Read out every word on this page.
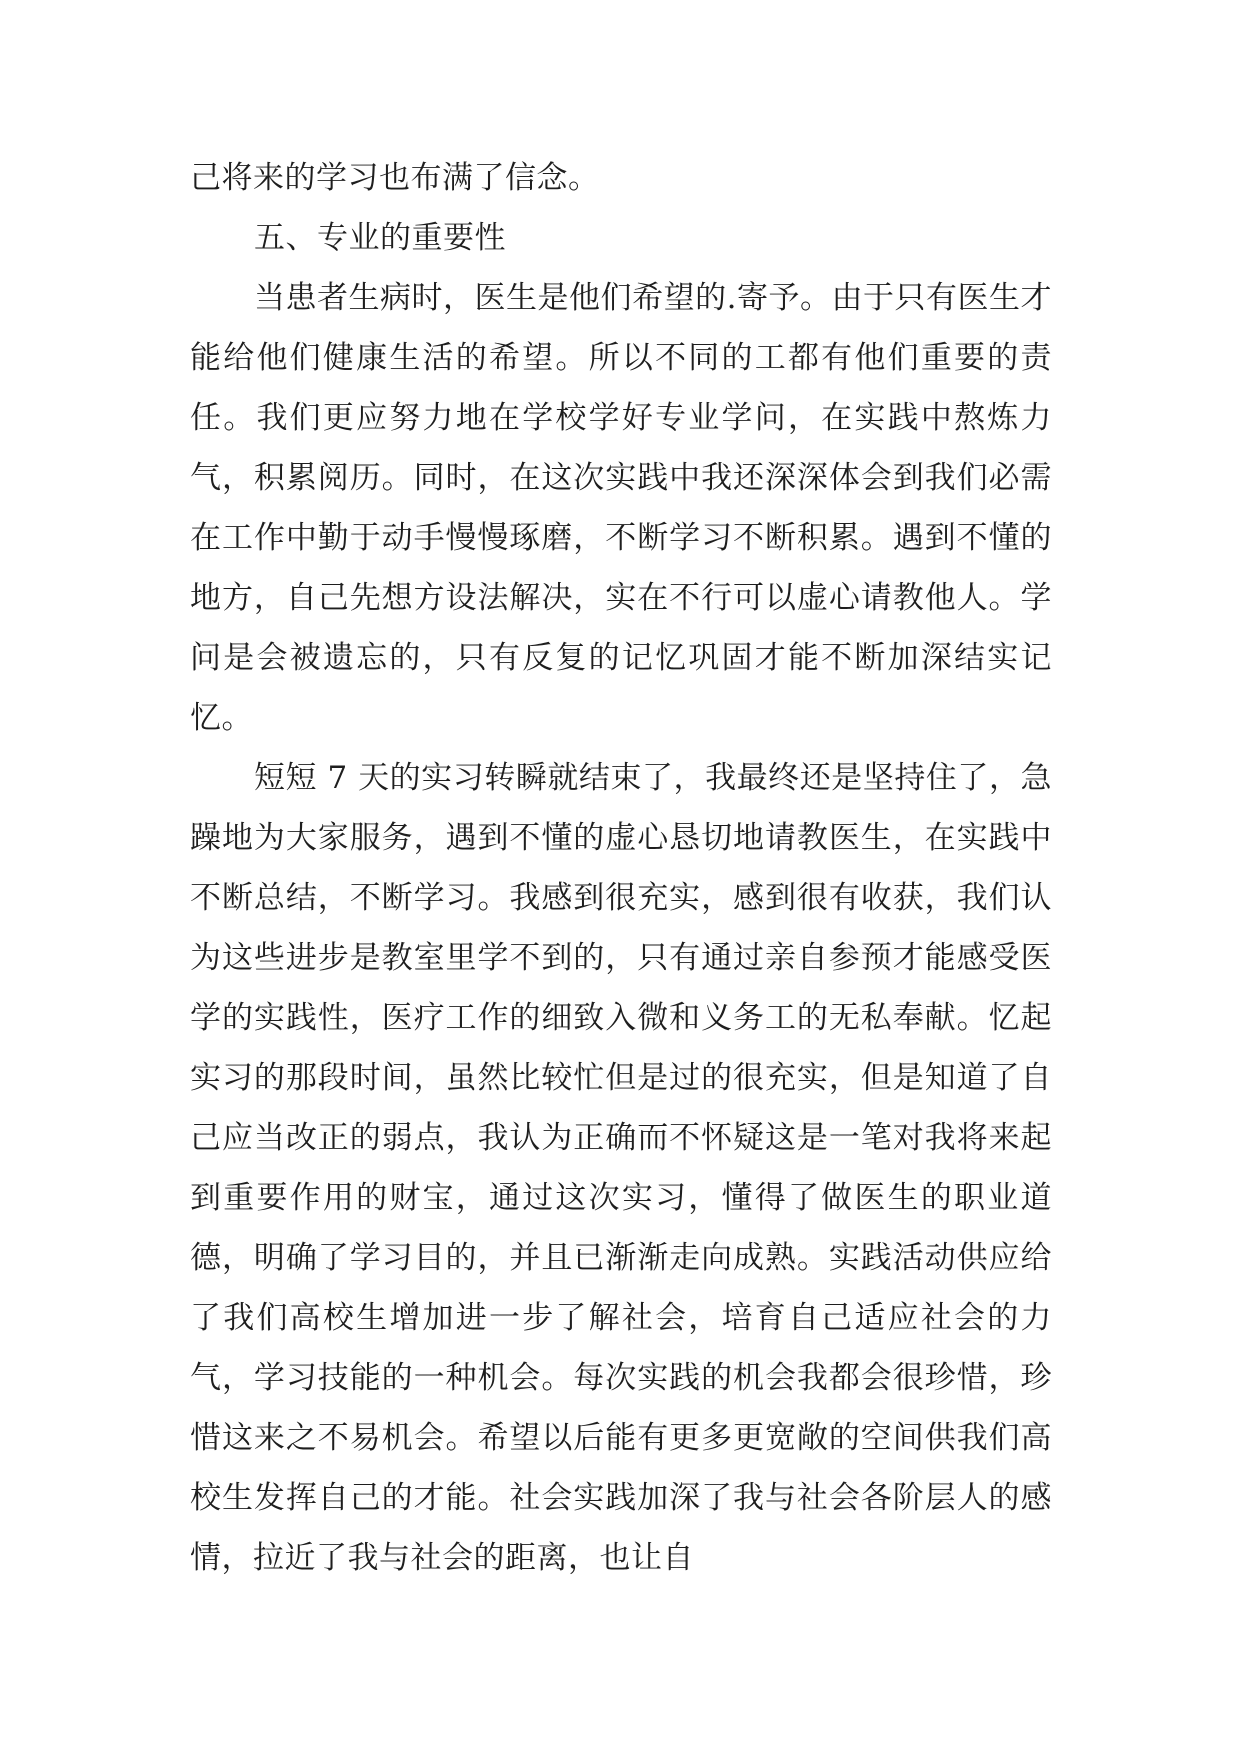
己将来的学习也布满了信念。

五、专业的重要性

当患者生病时，医生是他们希望的.寄予。由于只有医生才能给他们健康生活的希望。所以不同的工都有他们重要的责任。我们更应努力地在学校学好专业学问，在实践中熬炼力气，积累阅历。同时，在这次实践中我还深深体会到我们必需在工作中勤于动手慢慢琢磨，不断学习不断积累。遇到不懂的地方，自己先想方设法解决，实在不行可以虚心请教他人。学问是会被遗忘的，只有反复的记忆巩固才能不断加深结实记忆。

短短 7 天的实习转瞬就结束了，我最终还是坚持住了，急躁地为大家服务，遇到不懂的虚心恳切地请教医生，在实践中不断总结，不断学习。我感到很充实，感到很有收获，我们认为这些进步是教室里学不到的，只有通过亲自参预才能感受医学的实践性，医疗工作的细致入微和义务工的无私奉献。忆起实习的那段时间，虽然比较忙但是过的很充实，但是知道了自己应当改正的弱点，我认为正确而不怀疑这是一笔对我将来起到重要作用的财宝，通过这次实习，懂得了做医生的职业道德，明确了学习目的，并且已渐渐走向成熟。实践活动供应给了我们高校生增加进一步了解社会，培育自己适应社会的力气，学习技能的一种机会。每次实践的机会我都会很珍惜，珍惜这来之不易机会。希望以后能有更多更宽敞的空间供我们高校生发挥自己的才能。社会实践加深了我与社会各阶层人的感情，拉近了我与社会的距离，也让自
